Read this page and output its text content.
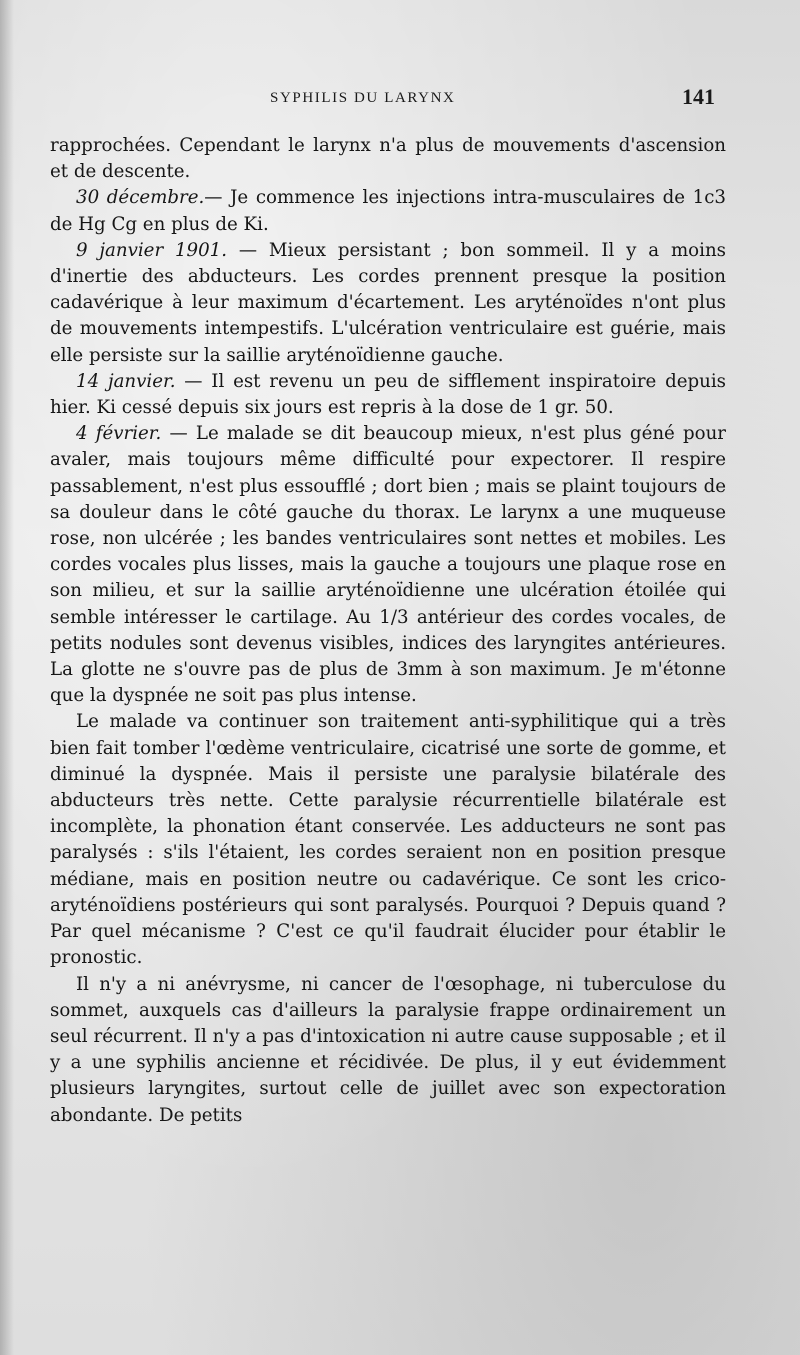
SYPHILIS DU LARYNX	141

rapprochées. Cependant le larynx n'a plus de mouvements d'ascension et de descente.

30 décembre.— Je commence les injections intra-musculaires de 1c3 de Hg Cg en plus de Ki.

9 janvier 1901. — Mieux persistant ; bon sommeil. Il y a moins d'inertie des abducteurs. Les cordes prennent presque la position cadavérique à leur maximum d'écartement. Les aryténoïdes n'ont plus de mouvements intempestifs. L'ulcération ventriculaire est guérie, mais elle persiste sur la saillie aryténoïdienne gauche.

14 janvier. — Il est revenu un peu de sifflement inspiratoire depuis hier. Ki cessé depuis six jours est repris à la dose de 1 gr. 50.

4 février. — Le malade se dit beaucoup mieux, n'est plus géné pour avaler, mais toujours même difficulté pour expectorer. Il respire passablement, n'est plus essoufflé ; dort bien ; mais se plaint toujours de sa douleur dans le côté gauche du thorax. Le larynx a une muqueuse rose, non ulcérée ; les bandes ventriculaires sont nettes et mobiles. Les cordes vocales plus lisses, mais la gauche a toujours une plaque rose en son milieu, et sur la saillie aryténoïdienne une ulcération étoilée qui semble intéresser le cartilage. Au 1/3 antérieur des cordes vocales, de petits nodules sont devenus visibles, indices des laryngites antérieures. La glotte ne s'ouvre pas de plus de 3mm à son maximum. Je m'étonne que la dyspnée ne soit pas plus intense.

Le malade va continuer son traitement anti-syphilitique qui a très bien fait tomber l'œdème ventriculaire, cicatrisé une sorte de gomme, et diminué la dyspnée. Mais il persiste une paralysie bilatérale des abducteurs très nette. Cette paralysie récurrentielle bilatérale est incomplète, la phonation étant conservée. Les adducteurs ne sont pas paralysés : s'ils l'étaient, les cordes seraient non en position presque médiane, mais en position neutre ou cadavérique. Ce sont les crico-aryténoïdiens postérieurs qui sont paralysés. Pourquoi ? Depuis quand ? Par quel mécanisme ? C'est ce qu'il faudrait élucider pour établir le pronostic.

Il n'y a ni anévrysme, ni cancer de l'œsophage, ni tuberculose du sommet, auxquels cas d'ailleurs la paralysie frappe ordinairement un seul récurrent. Il n'y a pas d'intoxication ni autre cause supposable ; et il y a une syphilis ancienne et récidivée. De plus, il y eut évidemment plusieurs laryngites, surtout celle de juillet avec son expectoration abondante. De petits
